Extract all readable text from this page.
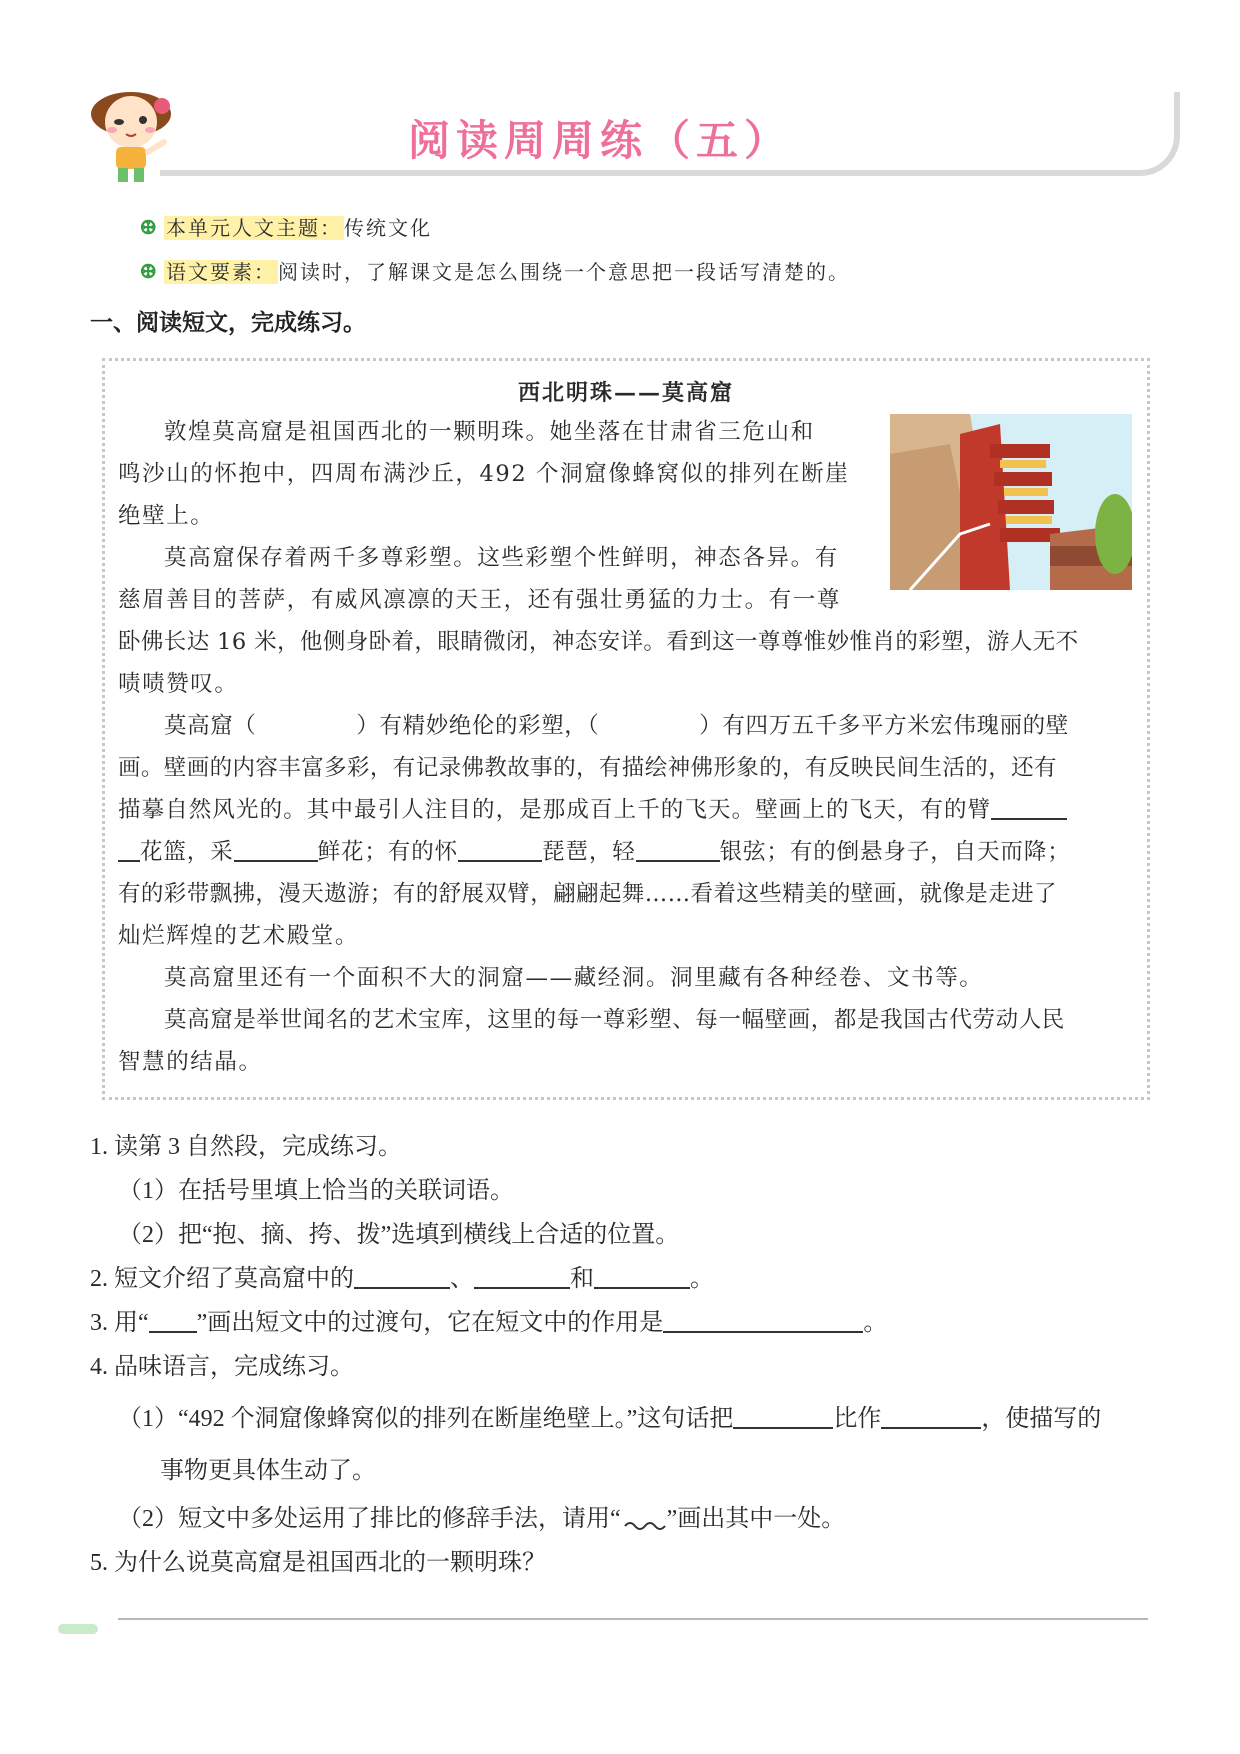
阅读周周练（五）
𐃏 本单元人文主题： 传统文化
𐃏 语文要素： 阅读时，了解课文是怎么围绕一个意思把一段话写清楚的。
一、阅读短文，完成练习。
西北明珠——莫高窟
敦煌莫高窟是祖国西北的一颗明珠。她坐落在甘肃省三危山和
鸣沙山的怀抱中，四周布满沙丘，492 个洞窟像蜂窝似的排列在断崖
绝壁上。
莫高窟保存着两千多尊彩塑。这些彩塑个性鲜明，神态各异。有
慈眉善目的菩萨，有威风凛凛的天王，还有强壮勇猛的力士。有一尊
卧佛长达 16 米，他侧身卧着，眼睛微闭，神态安详。看到这一尊尊惟妙惟肖的彩塑，游人无不
啧啧赞叹。
莫高窟（	）有精妙绝伦的彩塑，（	）有四万五千多平方米宏伟瑰丽的壁
画。壁画的内容丰富多彩，有记录佛教故事的，有描绘神佛形象的，有反映民间生活的，还有
描摹自然风光的。其中最引人注目的，是那成百上千的飞天。壁画上的飞天，有的臂
花篮，采	鲜花；有的怀	琵琶，轻	银弦；有的倒悬身子，自天而降；
有的彩带飘拂，漫天遨游；有的舒展双臂，翩翩起舞……看着这些精美的壁画，就像是走进了
灿烂辉煌的艺术殿堂。
莫高窟里还有一个面积不大的洞窟——藏经洞。洞里藏有各种经卷、文书等。
莫高窟是举世闻名的艺术宝库，这里的每一尊彩塑、每一幅壁画，都是我国古代劳动人民
智慧的结晶。
1. 读第 3 自然段，完成练习。
（1）在括号里填上恰当的关联词语。
（2）把“抱、摘、挎、拨”选填到横线上合适的位置。
2. 短文介绍了莫高窟中的	、	和	。
3. 用“ ”画出短文中的过渡句，它在短文中的作用是	。
4. 品味语言，完成练习。
（1）“492 个洞窟像蜂窝似的排列在断崖绝壁上。”这句话把	比作	，使描写的
事物更具体生动了。
（2）短文中多处运用了排比的修辞手法，请用“ ”画出其中一处。
5. 为什么说莫高窟是祖国西北的一颗明珠？
